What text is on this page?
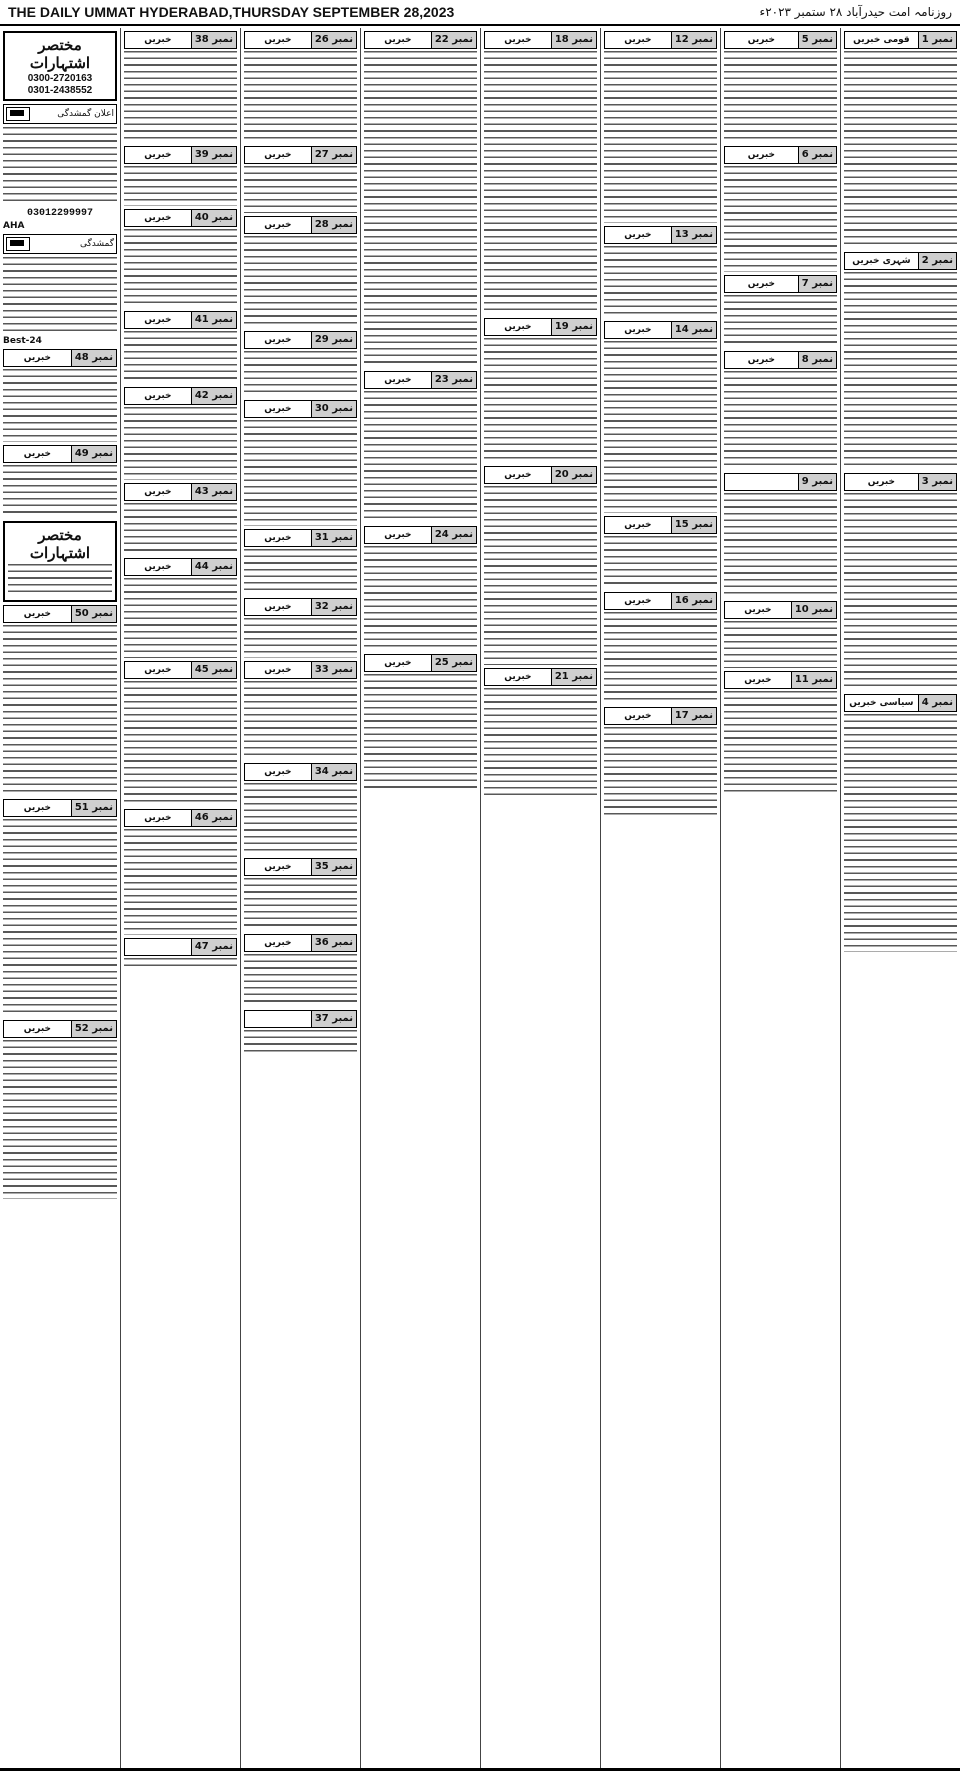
THE DAILY UMMAT HYDERABAD,THURSDAY SEPTEMBER 28,2023	روزنامہ امت حیدرآباد ۲۸ ستمبر ۲۰۲۳ء
نمبر 1
قومی خبریں
نمبر 2
شہری خبریں
نمبر 3
خبریں
نمبر 4
سیاسی خبریں
نمبر 5
خبریں
نمبر 6
خبریں
نمبر 7
خبریں
نمبر 8
خبریں
نمبر 9
نمبر 10
خبریں
نمبر 11
خبریں
نمبر 12
خبریں
نمبر 13
خبریں
نمبر 14
خبریں
نمبر 15
خبریں
نمبر 16
خبریں
نمبر 17
خبریں
نمبر 18
خبریں
نمبر 19
خبریں
نمبر 20
خبریں
نمبر 21
خبریں
نمبر 22
خبریں
نمبر 23
خبریں
نمبر 24
خبریں
نمبر 25
خبریں
نمبر 26
خبریں
نمبر 27
خبریں
نمبر 28
خبریں
نمبر 29
خبریں
نمبر 30
خبریں
نمبر 31
خبریں
نمبر 32
خبریں
نمبر 33
خبریں
نمبر 34
خبریں
نمبر 35
خبریں
نمبر 36
خبریں
نمبر 37
نمبر 38
خبریں
نمبر 39
خبریں
نمبر 40
خبریں
نمبر 41
خبریں
نمبر 42
خبریں
نمبر 43
خبریں
نمبر 44
خبریں
نمبر 45
خبریں
نمبر 46
خبریں
نمبر 47
مختصر اشتہارات
0300-2720163
0301-2438552
اعلان گمشدگی
03012299997
AHA
گمشدگی
Best-24
نمبر 48
خبریں
نمبر 49
خبریں
مختصر اشتہارات
نمبر 50
خبریں
نمبر 51
خبریں
نمبر 52
خبریں
